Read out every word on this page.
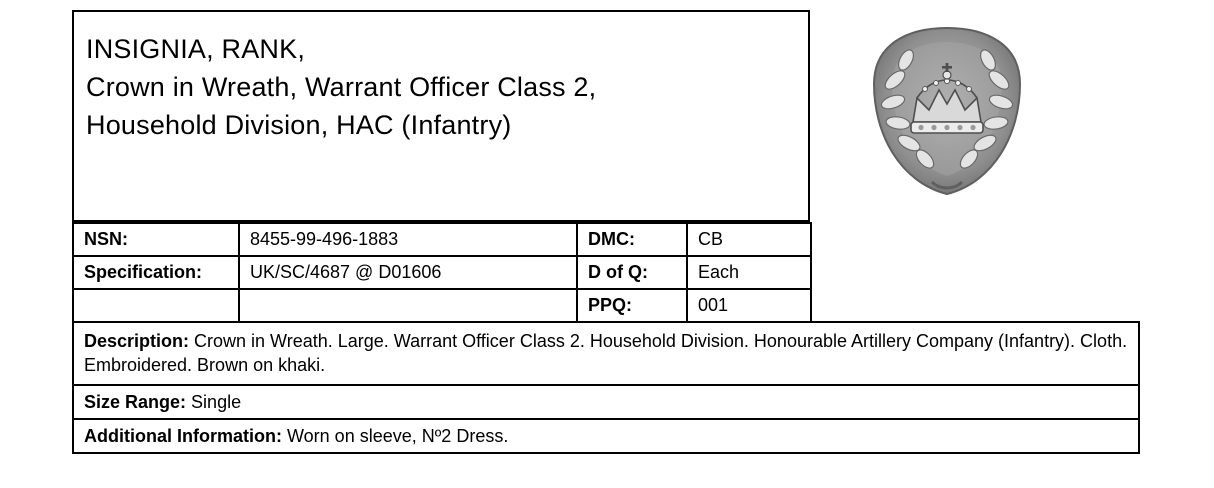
INSIGNIA, RANK,
Crown in Wreath, Warrant Officer Class 2,
Household Division, HAC (Infantry)
NSN:	8455-99-496-1883	DMC:	CB
Specification:	UK/SC/4687 @ D01606	D of Q:	Each
		PPQ:	001
Description: Crown in Wreath. Large. Warrant Officer Class 2. Household Division. Honourable Artillery Company (Infantry). Cloth. Embroidered. Brown on khaki.
Size Range: Single
Additional Information: Worn on sleeve, Nº2 Dress.
